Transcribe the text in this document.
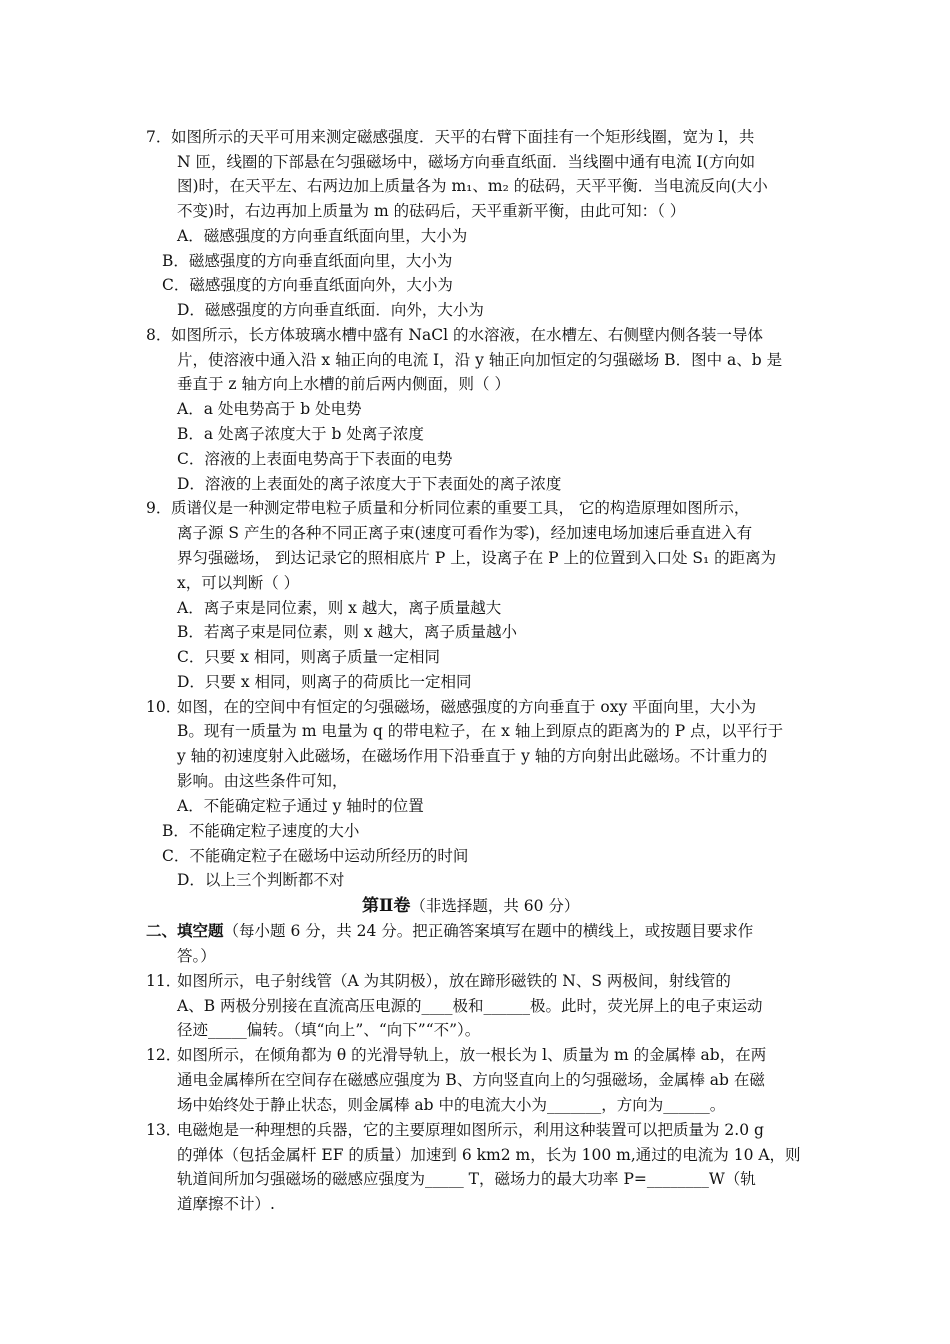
7． 如图所示的天平可用来测定磁感强度．天平的右臂下面挂有一个矩形线圈，宽为 l，共
N 匝，线圈的下部悬在匀强磁场中，磁场方向垂直纸面．当线圈中通有电流 I(方向如
图)时，在天平左、右两边加上质量各为 m₁、m₂ 的砝码，天平平衡．当电流反向(大小
不变)时，右边再加上质量为 m 的砝码后，天平重新平衡，由此可知：（ ）
A．磁感强度的方向垂直纸面向里，大小为
B．磁感强度的方向垂直纸面向里，大小为
C．磁感强度的方向垂直纸面向外，大小为
D．磁感强度的方向垂直纸面．向外，大小为
8． 如图所示，长方体玻璃水槽中盛有 NaCl 的水溶液，在水槽左、右侧壁内侧各装一导体
片，使溶液中通入沿 x 轴正向的电流 I，沿 y 轴正向加恒定的匀强磁场 B．图中 a、b 是
垂直于 z 轴方向上水槽的前后两内侧面，则（ ）
A．a 处电势高于 b 处电势
B．a 处离子浓度大于 b 处离子浓度
C．溶液的上表面电势高于下表面的电势
D．溶液的上表面处的离子浓度大于下表面处的离子浓度
9． 质谱仪是一种测定带电粒子质量和分析同位素的重要工具， 它的构造原理如图所示，
离子源 S 产生的各种不同正离子束(速度可看作为零)，经加速电场加速后垂直进入有
界匀强磁场， 到达记录它的照相底片 P 上，设离子在 P 上的位置到入口处 S₁ 的距离为
x，可以判断（ ）
A．离子束是同位素，则 x 越大，离子质量越大
B．若离子束是同位素，则 x 越大，离子质量越小
C．只要 x 相同，则离子质量一定相同
D．只要 x 相同，则离子的荷质比一定相同
10．
如图，在的空间中有恒定的匀强磁场，磁感强度的方向垂直于 oxy 平面向里，大小为
B。现有一质量为 m 电量为 q 的带电粒子，在 x 轴上到原点的距离为的 P 点，以平行于
y 轴的初速度射入此磁场，在磁场作用下沿垂直于 y 轴的方向射出此磁场。不计重力的
影响。由这些条件可知，
A．不能确定粒子通过 y 轴时的位置
B．不能确定粒子速度的大小
C．不能确定粒子在磁场中运动所经历的时间
D．以上三个判断都不对
第Ⅱ卷（非选择题，共 60 分）
二、填空题（每小题 6 分，共 24 分。把正确答案填写在题中的横线上，或按题目要求作
答。）
11．
如图所示，电子射线管（A 为其阴极），放在蹄形磁铁的 N、S 两极间，射线管的
A、B 两极分别接在直流高压电源的____极和______极。此时，荧光屏上的电子束运动
径迹_____偏转。（填“向上”、“向下”“不”）。
12．
如图所示，在倾角都为 θ 的光滑导轨上，放一根长为 l、质量为 m 的金属棒 ab，在两
通电金属棒所在空间存在磁感应强度为 B、方向竖直向上的匀强磁场，金属棒 ab 在磁
场中始终处于静止状态，则金属棒 ab 中的电流大小为_______，方向为______。
13．
电磁炮是一种理想的兵器，它的主要原理如图所示，利用这种装置可以把质量为 2.0 g
的弹体（包括金属杆 EF 的质量）加速到 6 km2 m，长为 100 m,通过的电流为 10 A，则
轨道间所加匀强磁场的磁感应强度为_____ T，磁场力的最大功率 P=________W（轨
道摩擦不计）.
